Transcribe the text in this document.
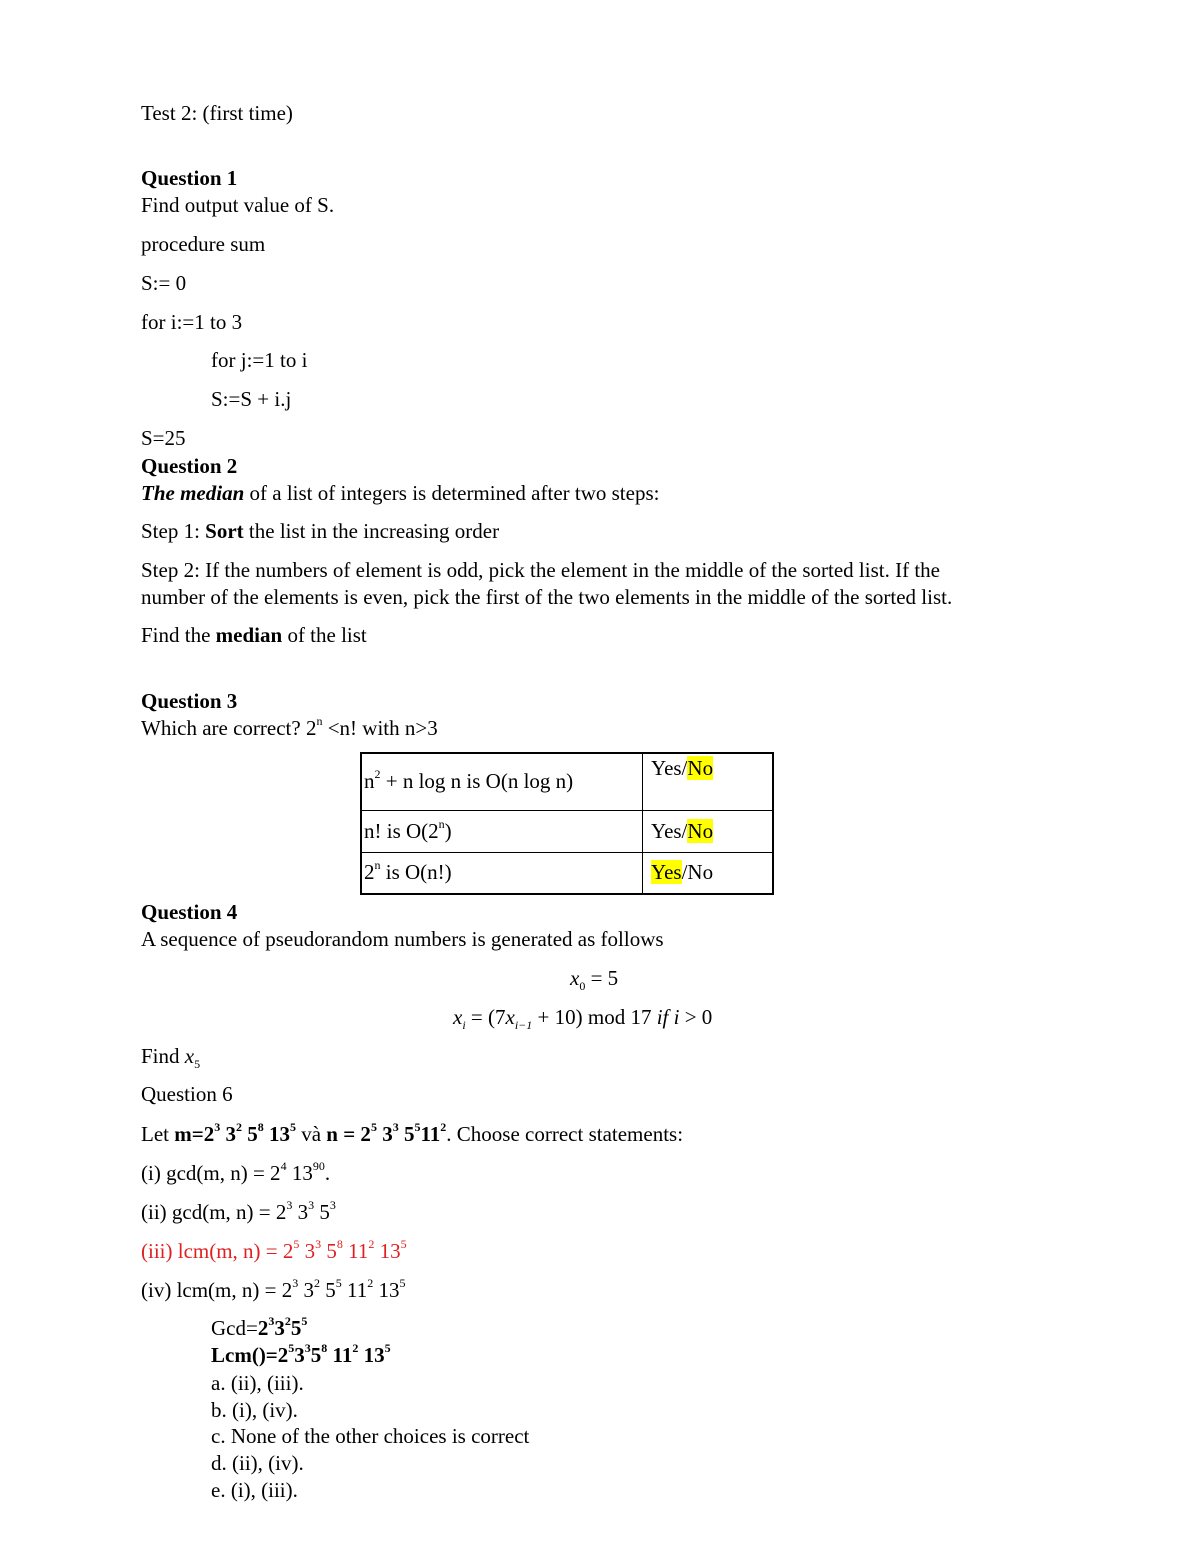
Test 2: (first time)
Question 1
Find output value of S.
procedure sum
S:= 0
for i:=1 to 3
for j:=1 to i
S:=S + i.j
S=25
Question 2
The median of a list of integers is determined after two steps:
Step 1: Sort the list in the increasing order
Step 2: If the numbers of element is odd, pick the element in the middle of the sorted list. If the
number of the elements is even, pick the first of the two elements in the middle of the sorted list.
Find the median of the list
Question 3
Which are correct? $2^n <n$! with n>3
$n^2 + n$ log n is O(n log n)	Yes/No
n! is O(2$^n$)	Yes/No
2$^n$ is O(n!)	Yes/No
Question 4
A sequence of pseudorandom numbers is generated as follows
$x_0 = 5$
$x_i = (7x_{i-1} + 10)$ mod 17 if i > 0
Find $x_5$
Question 6
Let $m=2^3$ $3^2$ $5^8$ $13^5$ và $n = 2^5$ $3^3$ $5^511^2$. Choose correct statements:
(i) gcd(m, $n) = 2^4$ $13^{90}$.
(ii) gcd(m, $n) = 2^3$ $3^3$ $5^3$
(iii) lcm(m, $n) = 2^5$ $3^3$ $5^8$ $11^2$ $13^5$
(iv) lcm(m, $n) = 2^3$ $3^2$ $5^5$ $11^2$ $13^5$
$Gcd=2^33^25^5$
$Lcm()=2^53^35^8$ $11^2$ $13^5$
a. (ii), (iii).
b. (i), (iv).
c. None of the other choices is correct
d. (ii), (iv).
e. (i), (iii).
